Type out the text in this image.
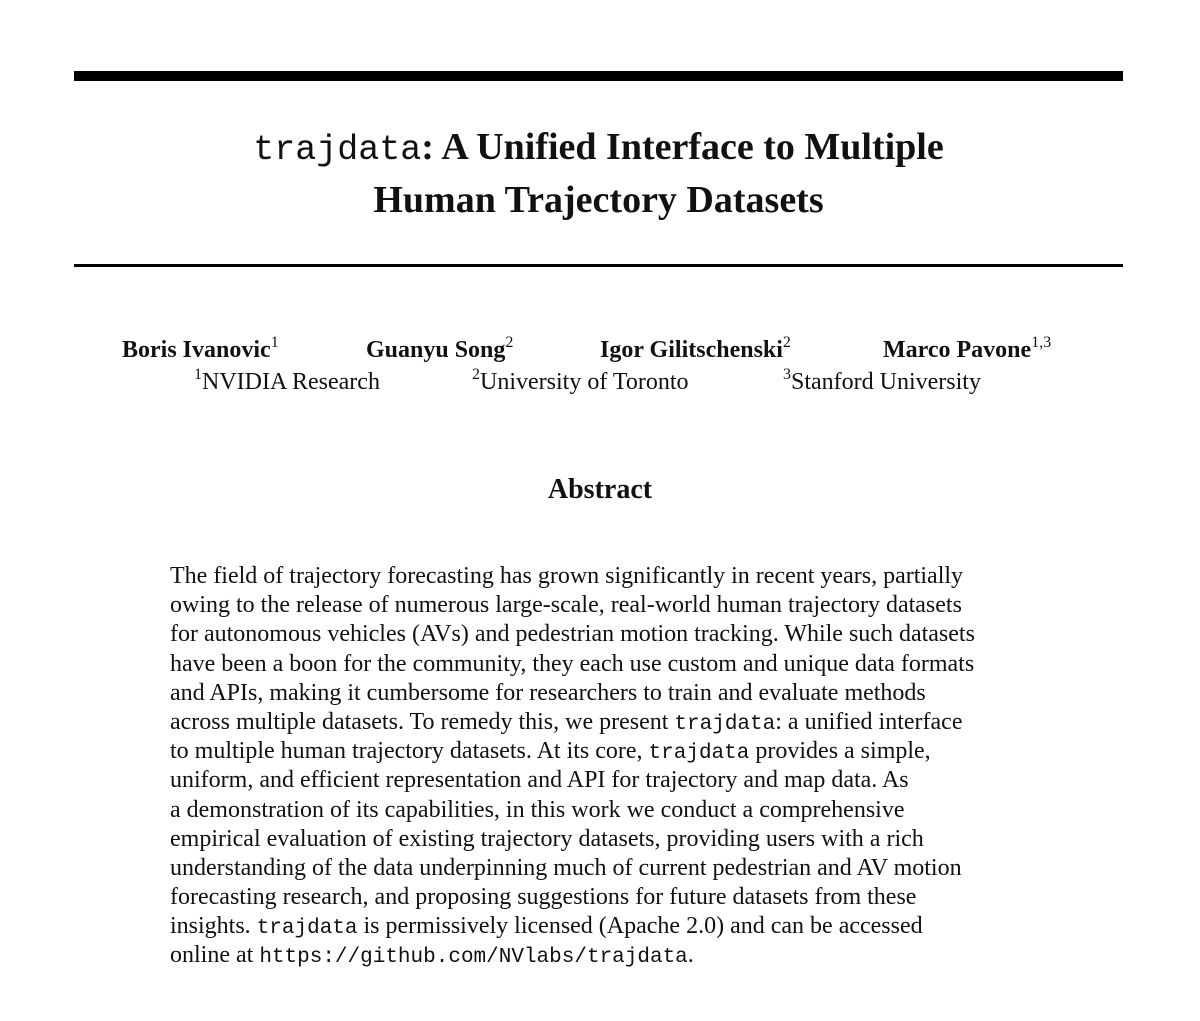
trajdata: A Unified Interface to Multiple
Human Trajectory Datasets
Boris Ivanovic$^1$	Guanyu Song$^2$	Igor Gilitschenski$^2$	Marco Pavone$^{1,3}$
$^1$NVIDIA Research	$^2$University of Toronto	$^3$Stanford University
Abstract
The field of trajectory forecasting has grown significantly in recent years, partially
owing to the release of numerous large-scale, real-world human trajectory datasets
for autonomous vehicles (AVs) and pedestrian motion tracking. While such datasets
have been a boon for the community, they each use custom and unique data formats
and APIs, making it cumbersome for researchers to train and evaluate methods
across multiple datasets. To remedy this, we present trajdata: a unified interface
to multiple human trajectory datasets. At its core, trajdata provides a simple,
uniform, and efficient representation and API for trajectory and map data. As
a demonstration of its capabilities, in this work we conduct a comprehensive
empirical evaluation of existing trajectory datasets, providing users with a rich
understanding of the data underpinning much of current pedestrian and AV motion
forecasting research, and proposing suggestions for future datasets from these
insights. trajdata is permissively licensed (Apache 2.0) and can be accessed
online at https://github.com/NVlabs/trajdata.
